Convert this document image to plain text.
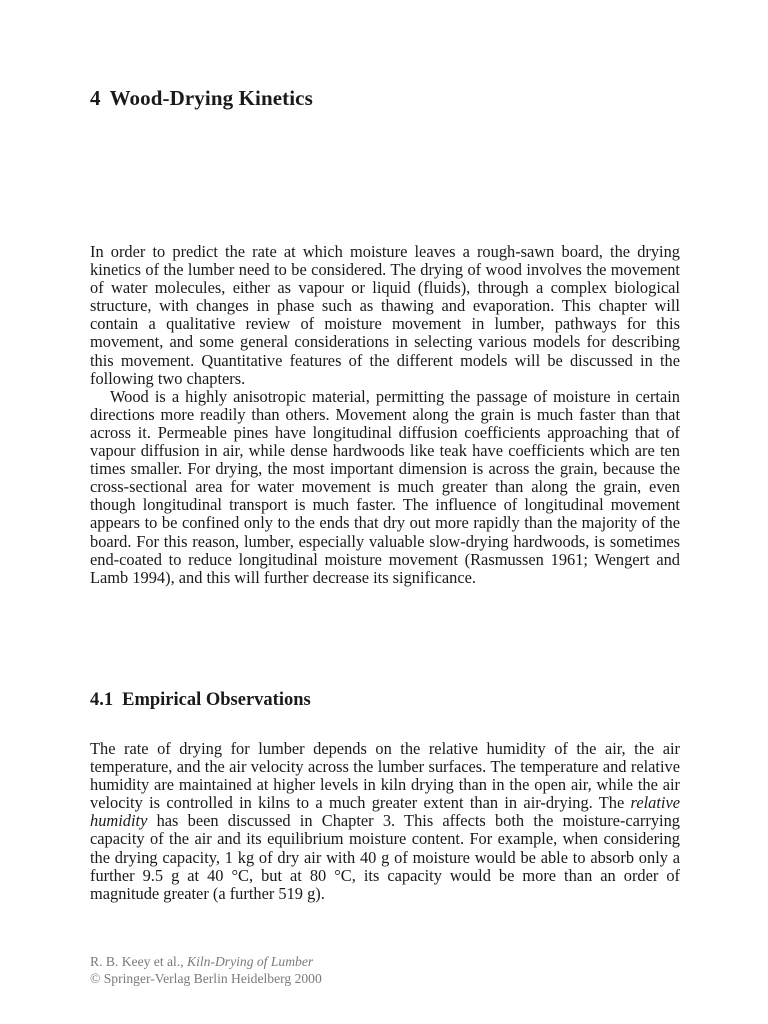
4 Wood-Drying Kinetics

In order to predict the rate at which moisture leaves a rough-sawn board, the drying kinetics of the lumber need to be considered. The drying of wood involves the movement of water molecules, either as vapour or liquid (fluids), through a complex biological structure, with changes in phase such as thawing and evaporation. This chapter will contain a qualitative review of moisture movement in lumber, pathways for this movement, and some general considerations in selecting various models for describing this movement. Quantitative features of the different models will be discussed in the following two chapters.

Wood is a highly anisotropic material, permitting the passage of moisture in certain directions more readily than others. Movement along the grain is much faster than that across it. Permeable pines have longitudinal diffusion coefficients approaching that of vapour diffusion in air, while dense hardwoods like teak have coefficients which are ten times smaller. For drying, the most important dimension is across the grain, because the cross-sectional area for water movement is much greater than along the grain, even though longitudinal transport is much faster. The influence of longitudinal movement appears to be confined only to the ends that dry out more rapidly than the majority of the board. For this reason, lumber, especially valuable slow-drying hardwoods, is sometimes end-coated to reduce longitudinal moisture movement (Rasmussen 1961; Wengert and Lamb 1994), and this will further decrease its significance.

4.1 Empirical Observations

The rate of drying for lumber depends on the relative humidity of the air, the air temperature, and the air velocity across the lumber surfaces. The temperature and relative humidity are maintained at higher levels in kiln drying than in the open air, while the air velocity is controlled in kilns to a much greater extent than in air-drying. The relative humidity has been discussed in Chapter 3. This affects both the moisture-carrying capacity of the air and its equilibrium moisture content. For example, when considering the drying capacity, 1 kg of dry air with 40 g of moisture would be able to absorb only a further 9.5 g at 40 °C, but at 80 °C, its capacity would be more than an order of magnitude greater (a further 519 g).

R. B. Keey et al., Kiln-Drying of Lumber
© Springer-Verlag Berlin Heidelberg 2000
